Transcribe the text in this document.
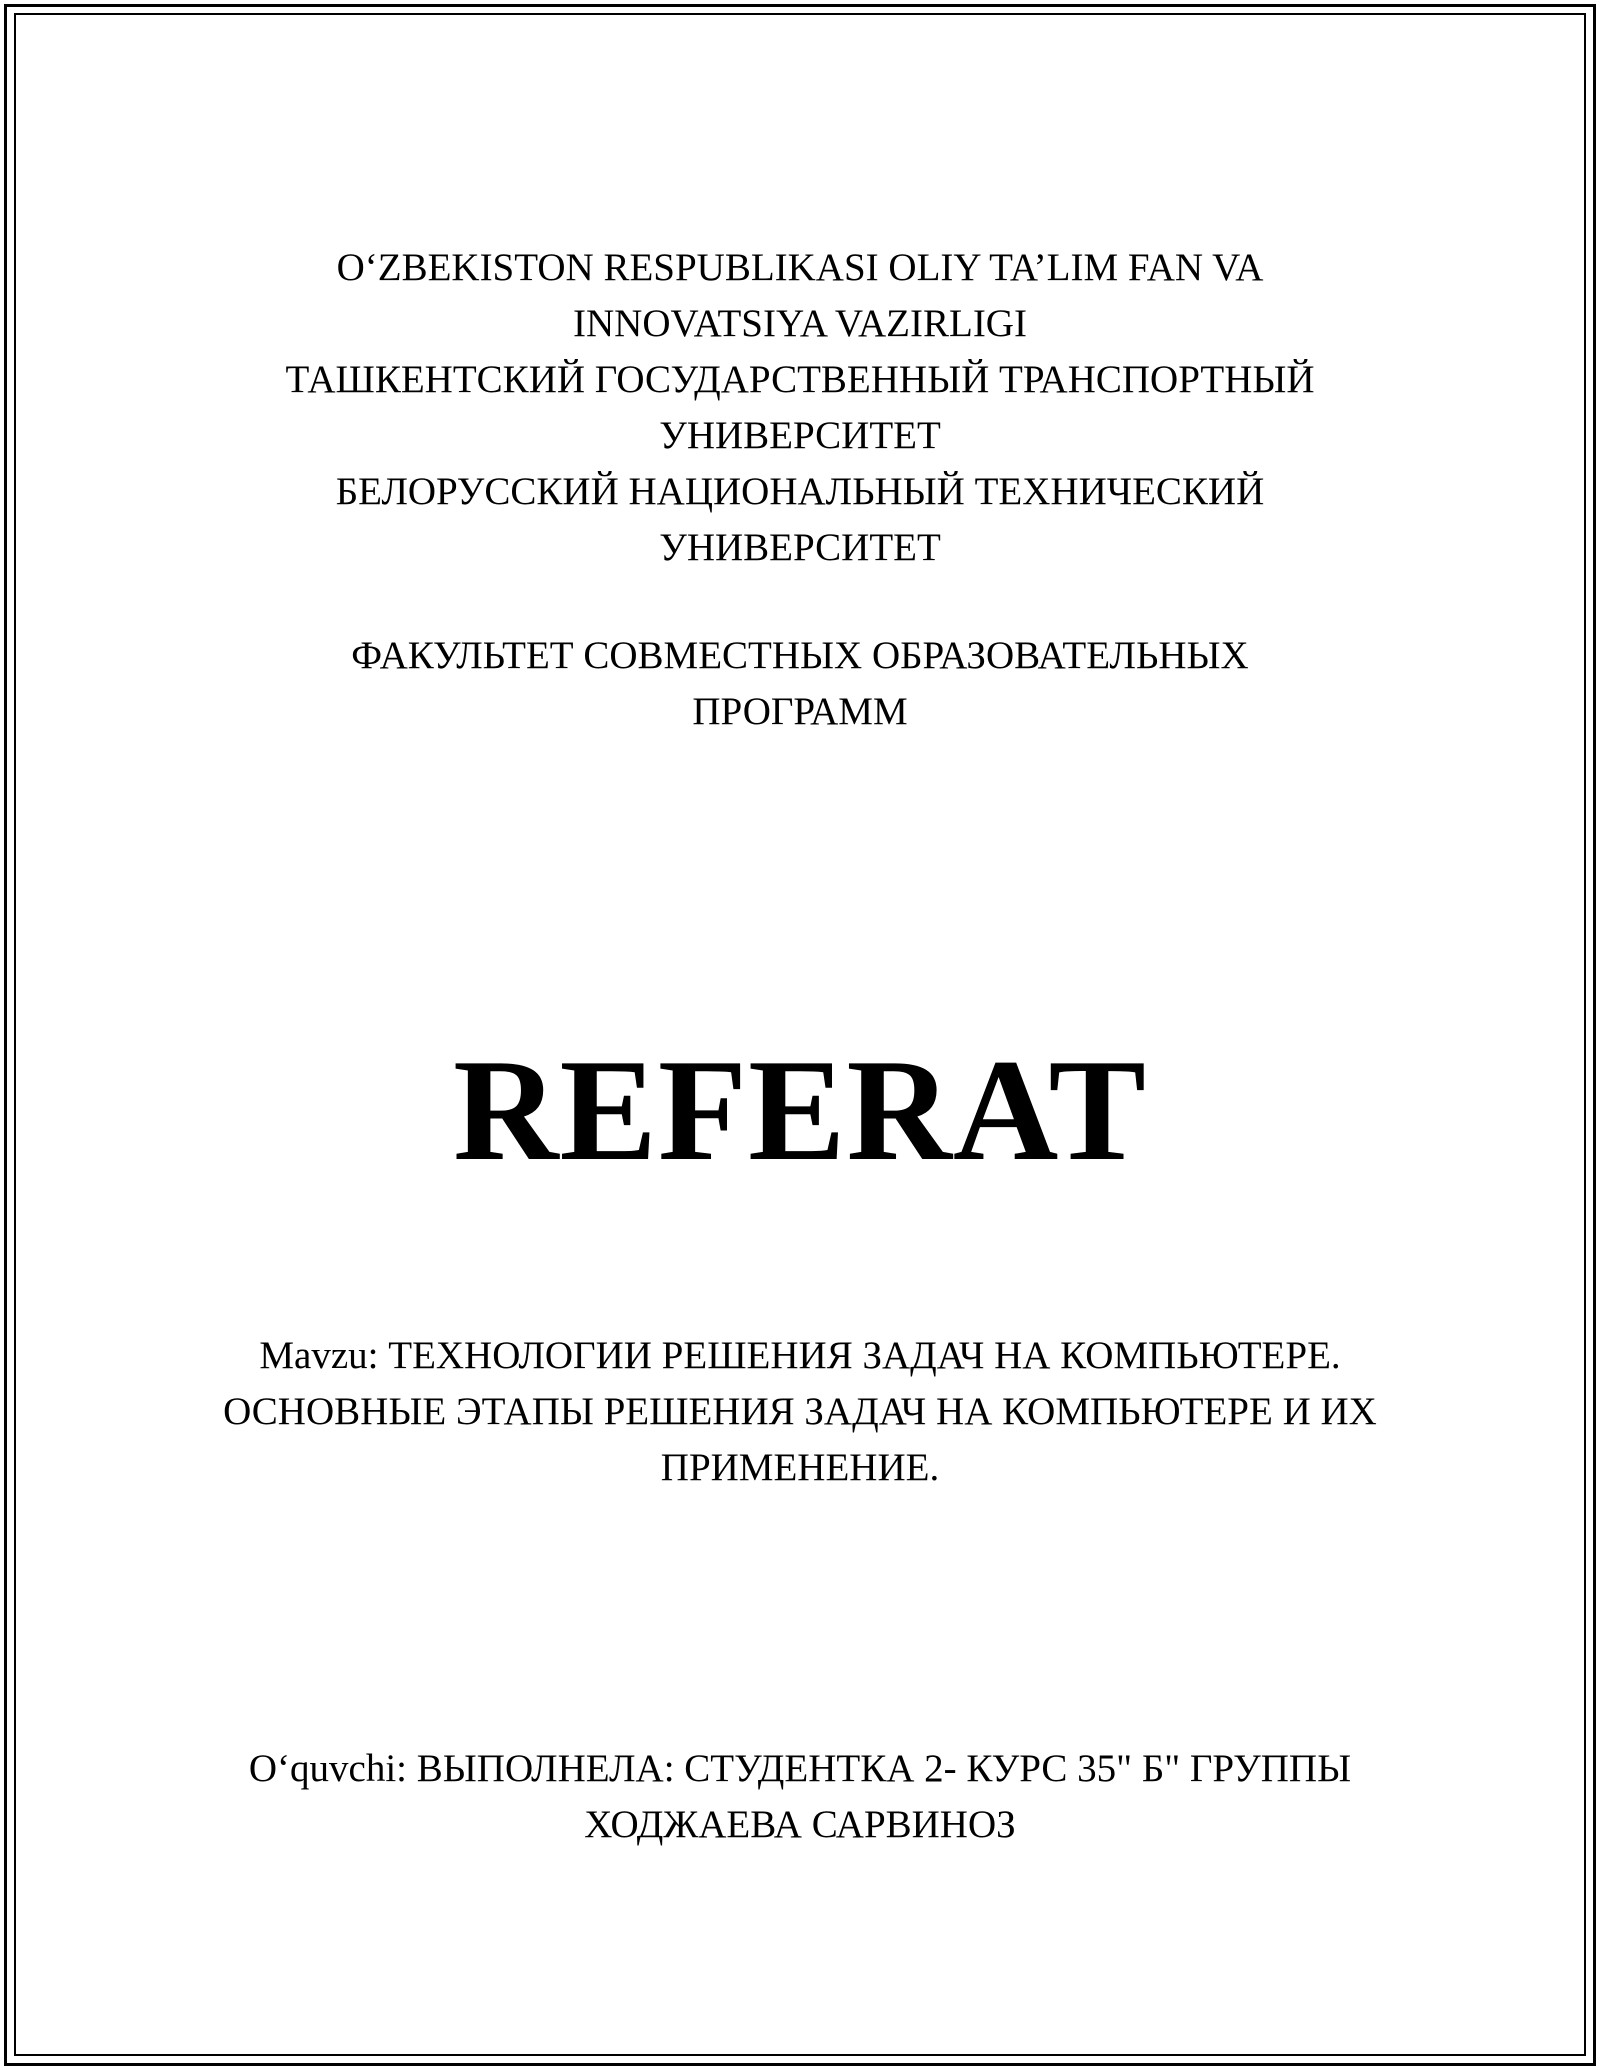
O‘ZBEKISTON RESPUBLIKASI OLIY TA’LIM FAN VA
INNOVATSIYA VAZIRLIGI
ТАШКЕНТСКИЙ ГОСУДАРСТВЕННЫЙ ТРАНСПОРТНЫЙ
УНИВЕРСИТЕТ
БЕЛОРУССКИЙ НАЦИОНАЛЬНЫЙ ТЕХНИЧЕСКИЙ
УНИВЕРСИТЕТ
ФАКУЛЬТЕТ СОВМЕСТНЫХ ОБРАЗОВАТЕЛЬНЫХ
ПРОГРАММ
REFERAT
Mavzu: ТЕХНОЛОГИИ РЕШЕНИЯ ЗАДАЧ НА КОМПЬЮТЕРЕ.
ОСНОВНЫЕ ЭТАПЫ РЕШЕНИЯ ЗАДАЧ НА КОМПЬЮТЕРЕ И ИХ
ПРИМЕНЕНИЕ.
O‘quvchi: ВЫПОЛНЕЛА: СТУДЕНТКА 2- КУРС 35" Б" ГРУППЫ
ХОДЖАЕВА САРВИНОЗ
